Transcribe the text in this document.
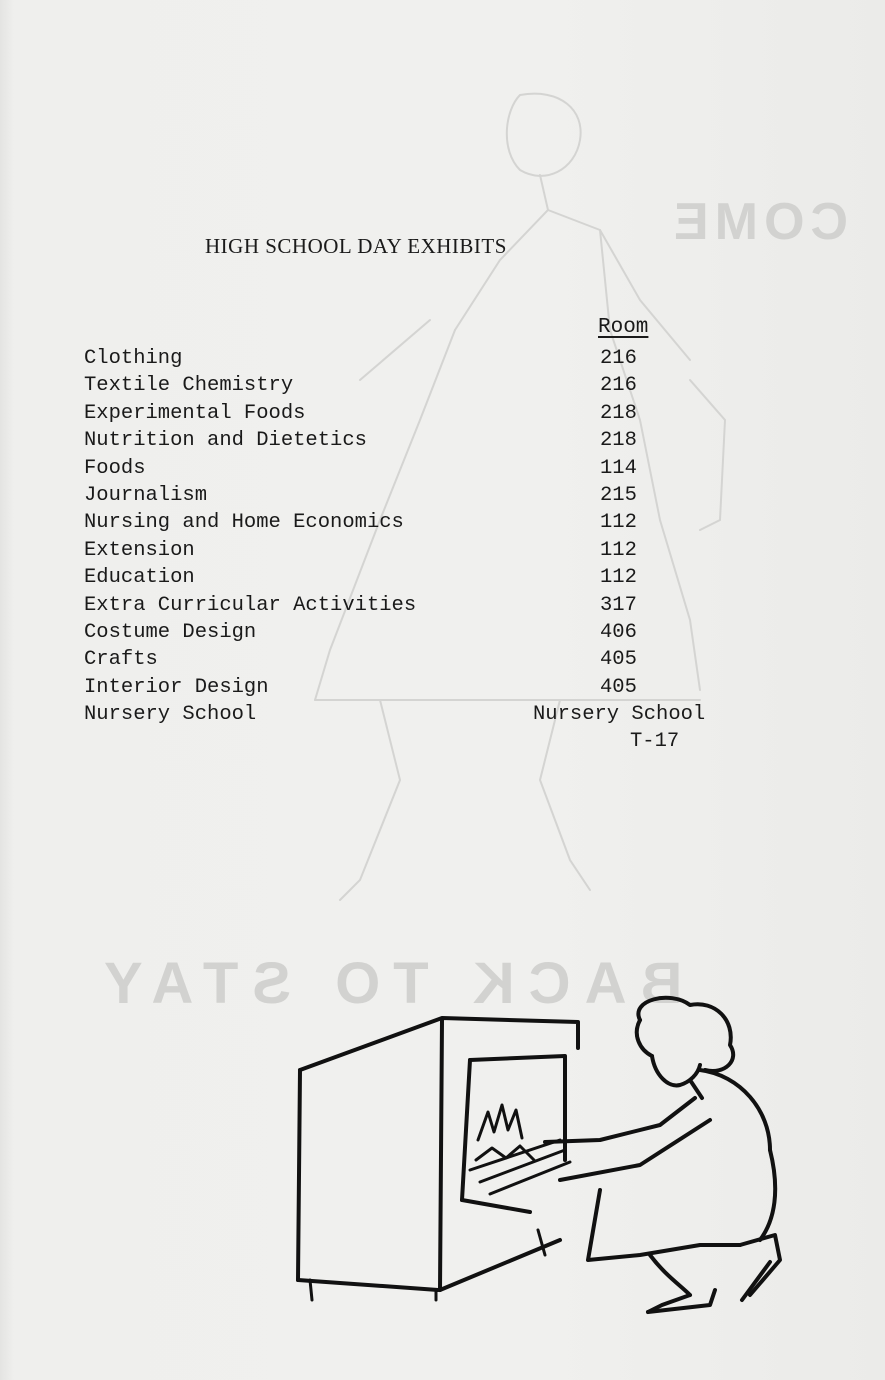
COME
BACK TO STAY
HIGH SCHOOL DAY EXHIBITS
Room
Clothing	216
Textile Chemistry	216
Experimental Foods	218
Nutrition and Dietetics	218
Foods	114
Journalism	215
Nursing and Home Economics	112
Extension	112
Education	112
Extra Curricular Activities	317
Costume Design	406
Crafts	405
Interior Design	405
Nursery School	Nursery School
T-17
